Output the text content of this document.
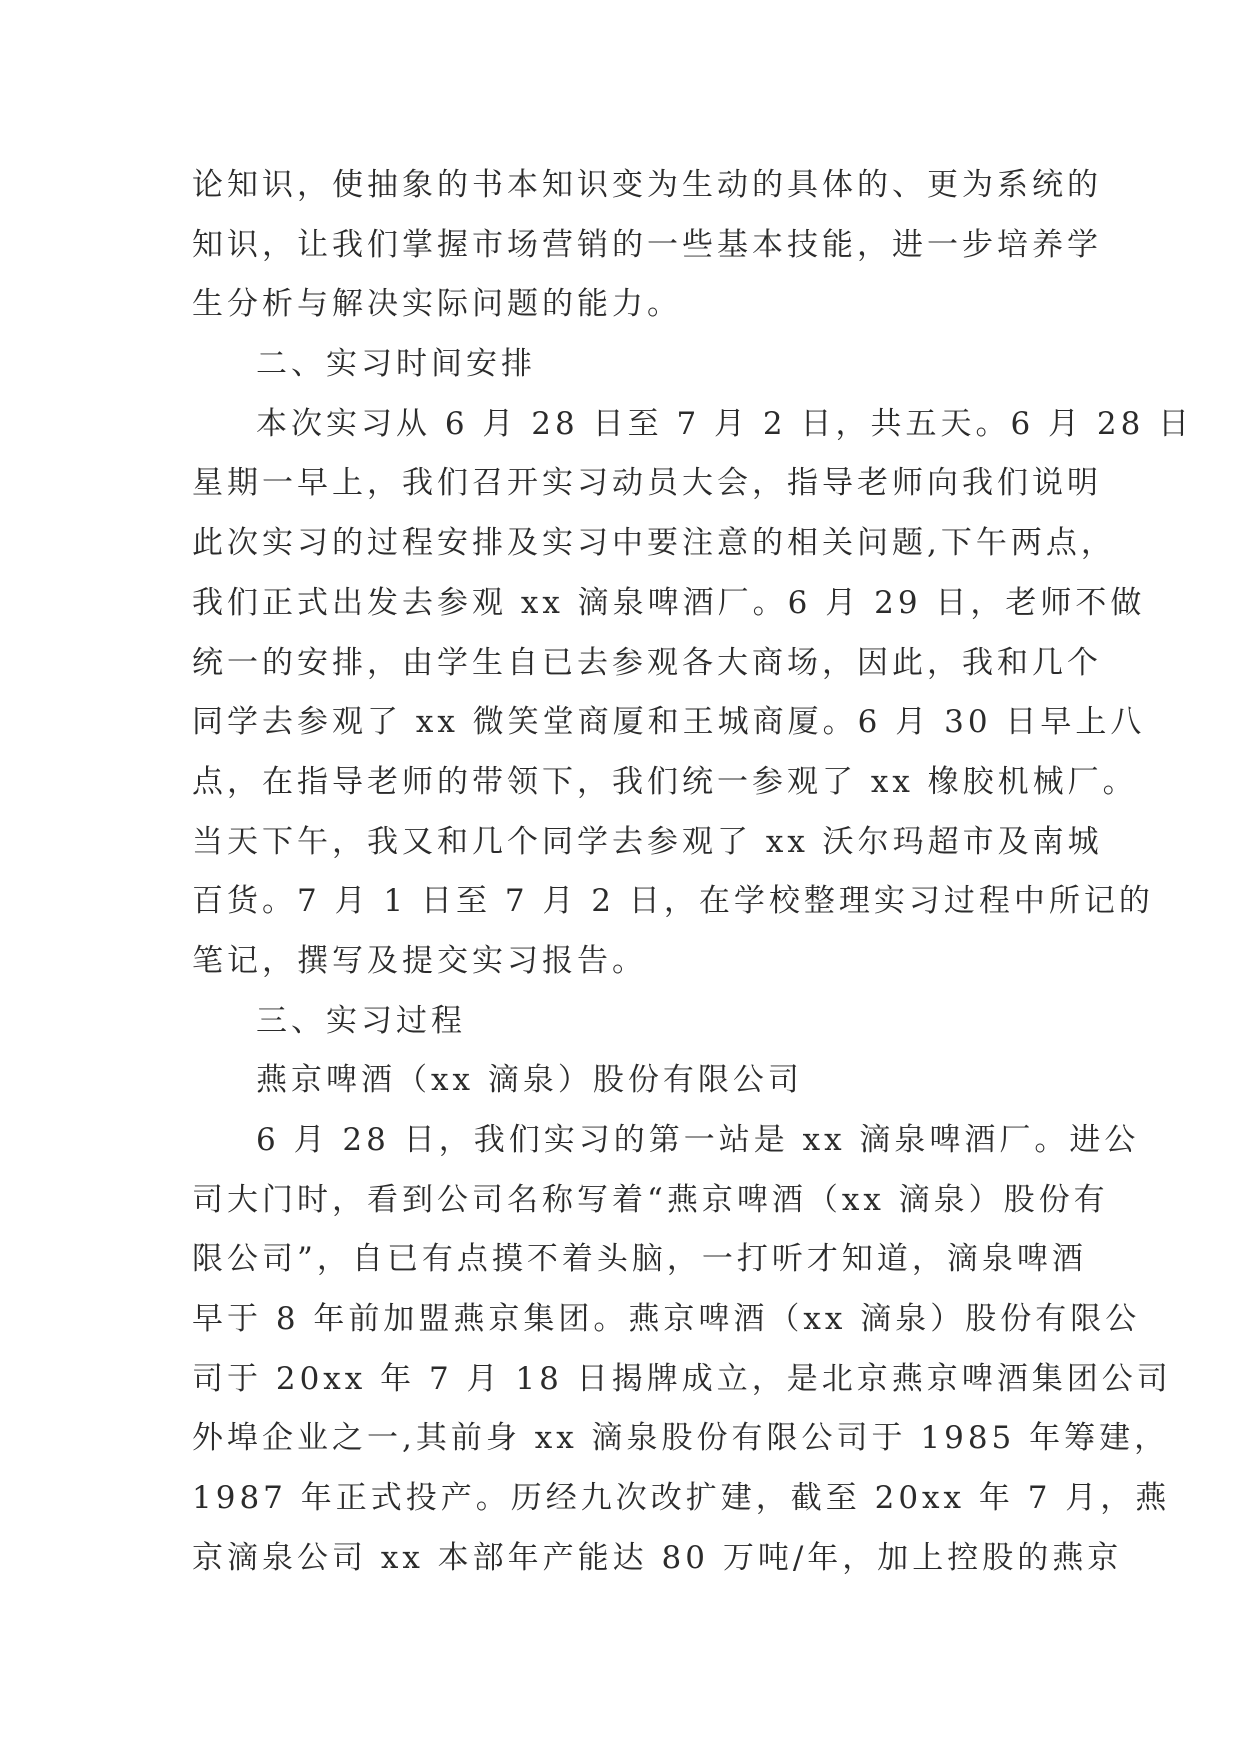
论知识，使抽象的书本知识变为生动的具体的、更为系统的
知识，让我们掌握市场营销的一些基本技能，进一步培养学
生分析与解决实际问题的能力。
二、实习时间安排
本次实习从 6 月 28 日至 7 月 2 日，共五天。6 月 28 日
星期一早上，我们召开实习动员大会，指导老师向我们说明
此次实习的过程安排及实习中要注意的相关问题,下午两点，
我们正式出发去参观 xx 滴泉啤酒厂。6 月 29 日，老师不做
统一的安排，由学生自已去参观各大商场，因此，我和几个
同学去参观了 xx 微笑堂商厦和王城商厦。6 月 30 日早上八
点，在指导老师的带领下，我们统一参观了 xx 橡胶机械厂。
当天下午，我又和几个同学去参观了 xx 沃尔玛超市及南城
百货。7 月 1 日至 7 月 2 日，在学校整理实习过程中所记的
笔记，撰写及提交实习报告。
三、实习过程
燕京啤酒（xx 滴泉）股份有限公司
6 月 28 日，我们实习的第一站是 xx 滴泉啤酒厂。进公
司大门时，看到公司名称写着“燕京啤酒（xx 滴泉）股份有
限公司”，自已有点摸不着头脑，一打听才知道，滴泉啤酒
早于 8 年前加盟燕京集团。燕京啤酒（xx 滴泉）股份有限公
司于 20xx 年 7 月 18 日揭牌成立，是北京燕京啤酒集团公司
外埠企业之一,其前身 xx 滴泉股份有限公司于 1985 年筹建，
1987 年正式投产。历经九次改扩建，截至 20xx 年 7 月，燕
京滴泉公司 xx 本部年产能达 80 万吨/年，加上控股的燕京
